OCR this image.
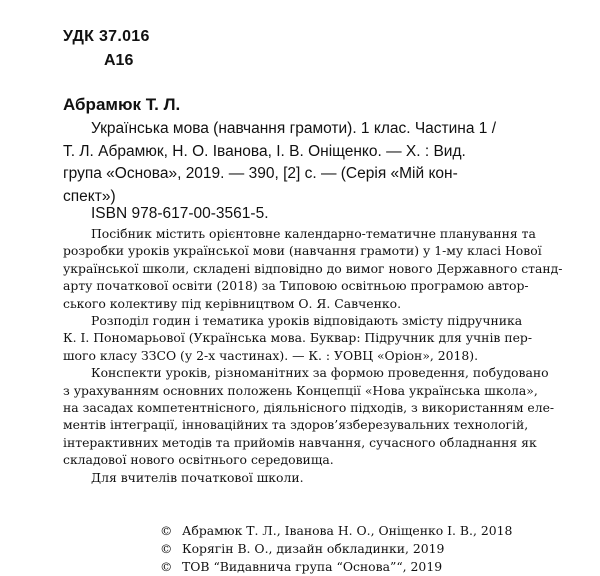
УДК 37.016
А16
Абрамюк Т. Л.
Українська мова (навчання грамоти). 1 клас. Частина 1 /
Т. Л. Абрамюк, Н. О. Іванова, І. В. Оніщенко. — Х. : Вид.
група «Основа», 2019. — 390, [2] с. — (Серія «Мій кон-
спект»)
ISBN 978-617-00-3561-5.
Посібник містить орієнтовне календарно-тематичне планування та
розробки уроків української мови (навчання грамоти) у 1-му класі Нової
української школи, складені відповідно до вимог нового Державного станд-
арту початкової освіти (2018) за Типовою освітньою програмою автор-
ського колективу під керівництвом О. Я. Савченко.
Розподіл годин і тематика уроків відповідають змісту підручника
К. І. Пономарьової (Українська мова. Буквар: Підручник для учнів пер-
шого класу ЗЗСО (у 2-х частинах). — К. : УОВЦ «Оріон», 2018).
Конспекти уроків, різноманітних за формою проведення, побудовано
з урахуванням основних положень Концепції «Нова українська школа»,
на засадах компетентнісного, діяльнісного підходів, з використанням еле-
ментів інтеграції, інноваційних та здоров’язберезувальних технологій,
інтерактивних методів та прийомів навчання, сучасного обладнання як
складової нового освітнього середовища.
Для вчителів початкової школи.
© Абрамюк Т. Л., Іванова Н. О., Оніщенко І. В., 2018
© Корягін В. О., дизайн обкладинки, 2019
© ТОВ “Видавнича група “Основа”“, 2019
